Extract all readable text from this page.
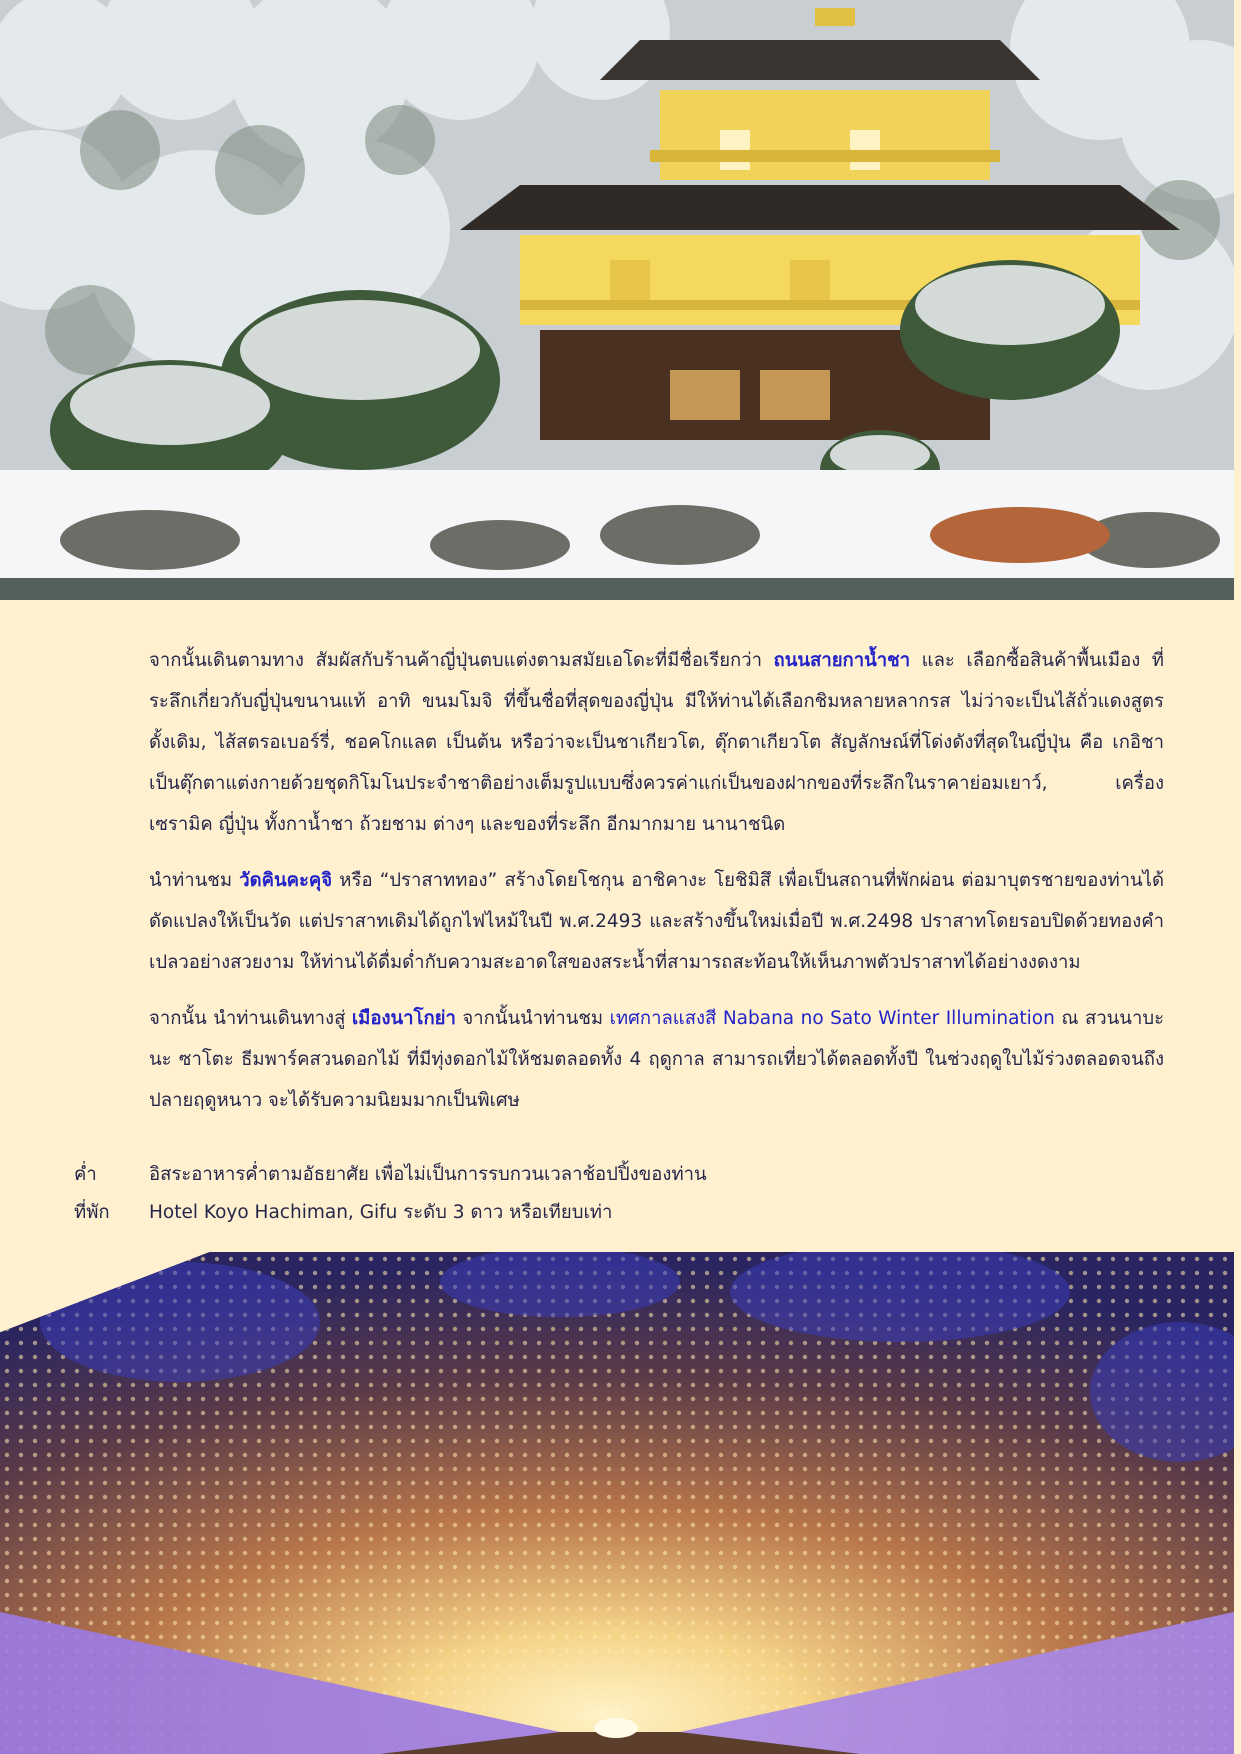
จากนั้นเดินตามทาง สัมผัสกับร้านค้าญี่ปุ่นตบแต่งตามสมัยเอโดะที่มีชื่อเรียกว่า ถนนสายกาน้ำชา และ เลือกซื้อสินค้าพื้นเมือง ที่ระลึกเกี่ยวกับญี่ปุ่นขนานแท้ อาทิ ขนมโมจิ ที่ขึ้นชื่อที่สุดของญี่ปุ่น มีให้ท่านได้เลือกชิมหลายหลากรส ไม่ว่าจะเป็นไส้ถั่วแดงสูตรดั้งเดิม, ไส้สตรอเบอร์รี่, ชอคโกแลต เป็นต้น หรือว่าจะเป็นชาเกียวโต, ตุ๊กตาเกียวโต สัญลักษณ์ที่โด่งดังที่สุดในญี่ปุ่น คือ เกอิชา เป็นตุ๊กตาแต่งกายด้วยชุดกิโมโนประจำชาติอย่างเต็มรูปแบบซึ่งควรค่าแก่เป็นของฝากของที่ระลึกในราคาย่อมเยาว์, เครื่องเซรามิค ญี่ปุ่น ทั้งกาน้ำชา ถ้วยชาม ต่างๆ และของที่ระลึก อีกมากมาย นานาชนิด

นำท่านชม วัดคินคะคุจิ หรือ “ปราสาททอง” สร้างโดยโชกุน อาชิคางะ โยชิมิสึ เพื่อเป็นสถานที่พักผ่อน ต่อมาบุตรชายของท่านได้ดัดแปลงให้เป็นวัด แต่ปราสาทเดิมได้ถูกไฟไหม้ในปี พ.ศ.2493 และสร้างขึ้นใหม่เมื่อปี พ.ศ.2498 ปราสาทโดยรอบปิดด้วยทองคำเปลวอย่างสวยงาม ให้ท่านได้ดื่มด่ำกับความสะอาดใสของสระน้ำที่สามารถสะท้อนให้เห็นภาพตัวปราสาทได้อย่างงดงาม

จากนั้น นำท่านเดินทางสู่ เมืองนาโกย่า จากนั้นนำท่านชม เทศกาลแสงสี Nabana no Sato Winter Illumination ณ สวนนาบะนะ ซาโตะ ธีมพาร์คสวนดอกไม้ ที่มีทุ่งดอกไม้ให้ชมตลอดทั้ง 4 ฤดูกาล สามารถเที่ยวได้ตลอดทั้งปี ในช่วงฤดูใบไม้ร่วงตลอดจนถึงปลายฤดูหนาว จะได้รับความนิยมมากเป็นพิเศษ

ค่ำ	อิสระอาหารค่ำตามอัธยาศัย เพื่อไม่เป็นการรบกวนเวลาช้อปปิ้งของท่าน
ที่พัก	Hotel Koyo Hachiman, Gifu ระดับ 3 ดาว หรือเทียบเท่า
